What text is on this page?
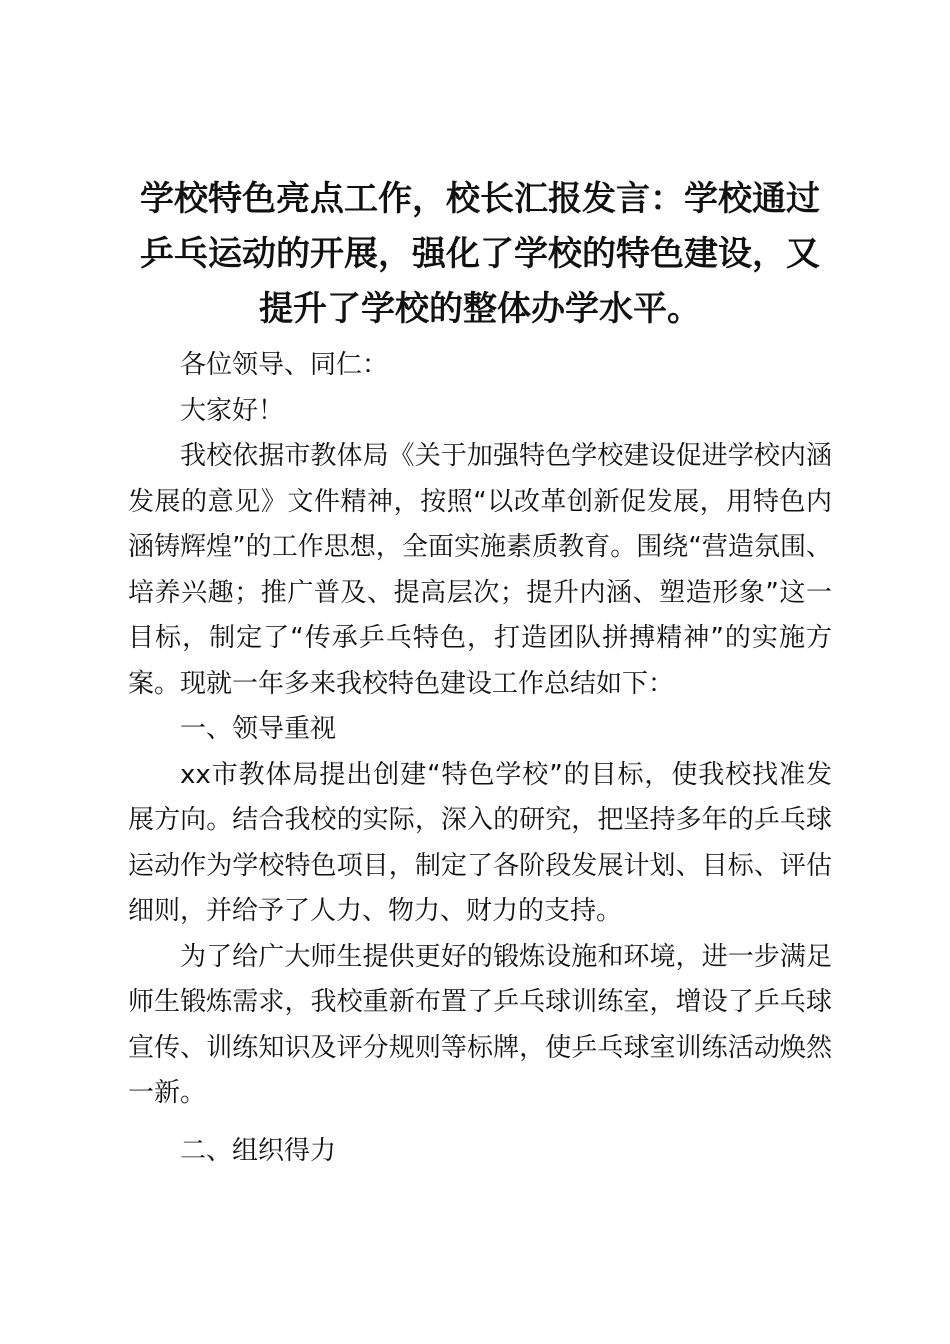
学校特色亮点工作，校长汇报发言：学校通过乒乓运动的开展，强化了学校的特色建设，又提升了学校的整体办学水平。

各位领导、同仁：

大家好！

我校依据市教体局《关于加强特色学校建设促进学校内涵发展的意见》文件精神，按照“以改革创新促发展，用特色内涵铸辉煌”的工作思想，全面实施素质教育。围绕“营造氛围、培养兴趣；推广普及、提高层次；提升内涵、塑造形象”这一目标，制定了“传承乒乓特色，打造团队拼搏精神”的实施方案。现就一年多来我校特色建设工作总结如下：

一、领导重视

xx市教体局提出创建“特色学校”的目标，使我校找准发展方向。结合我校的实际，深入的研究，把坚持多年的乒乓球运动作为学校特色项目，制定了各阶段发展计划、目标、评估细则，并给予了人力、物力、财力的支持。

为了给广大师生提供更好的锻炼设施和环境，进一步满足师生锻炼需求，我校重新布置了乒乓球训练室，增设了乒乓球宣传、训练知识及评分规则等标牌，使乒乓球室训练活动焕然一新。

二、组织得力
